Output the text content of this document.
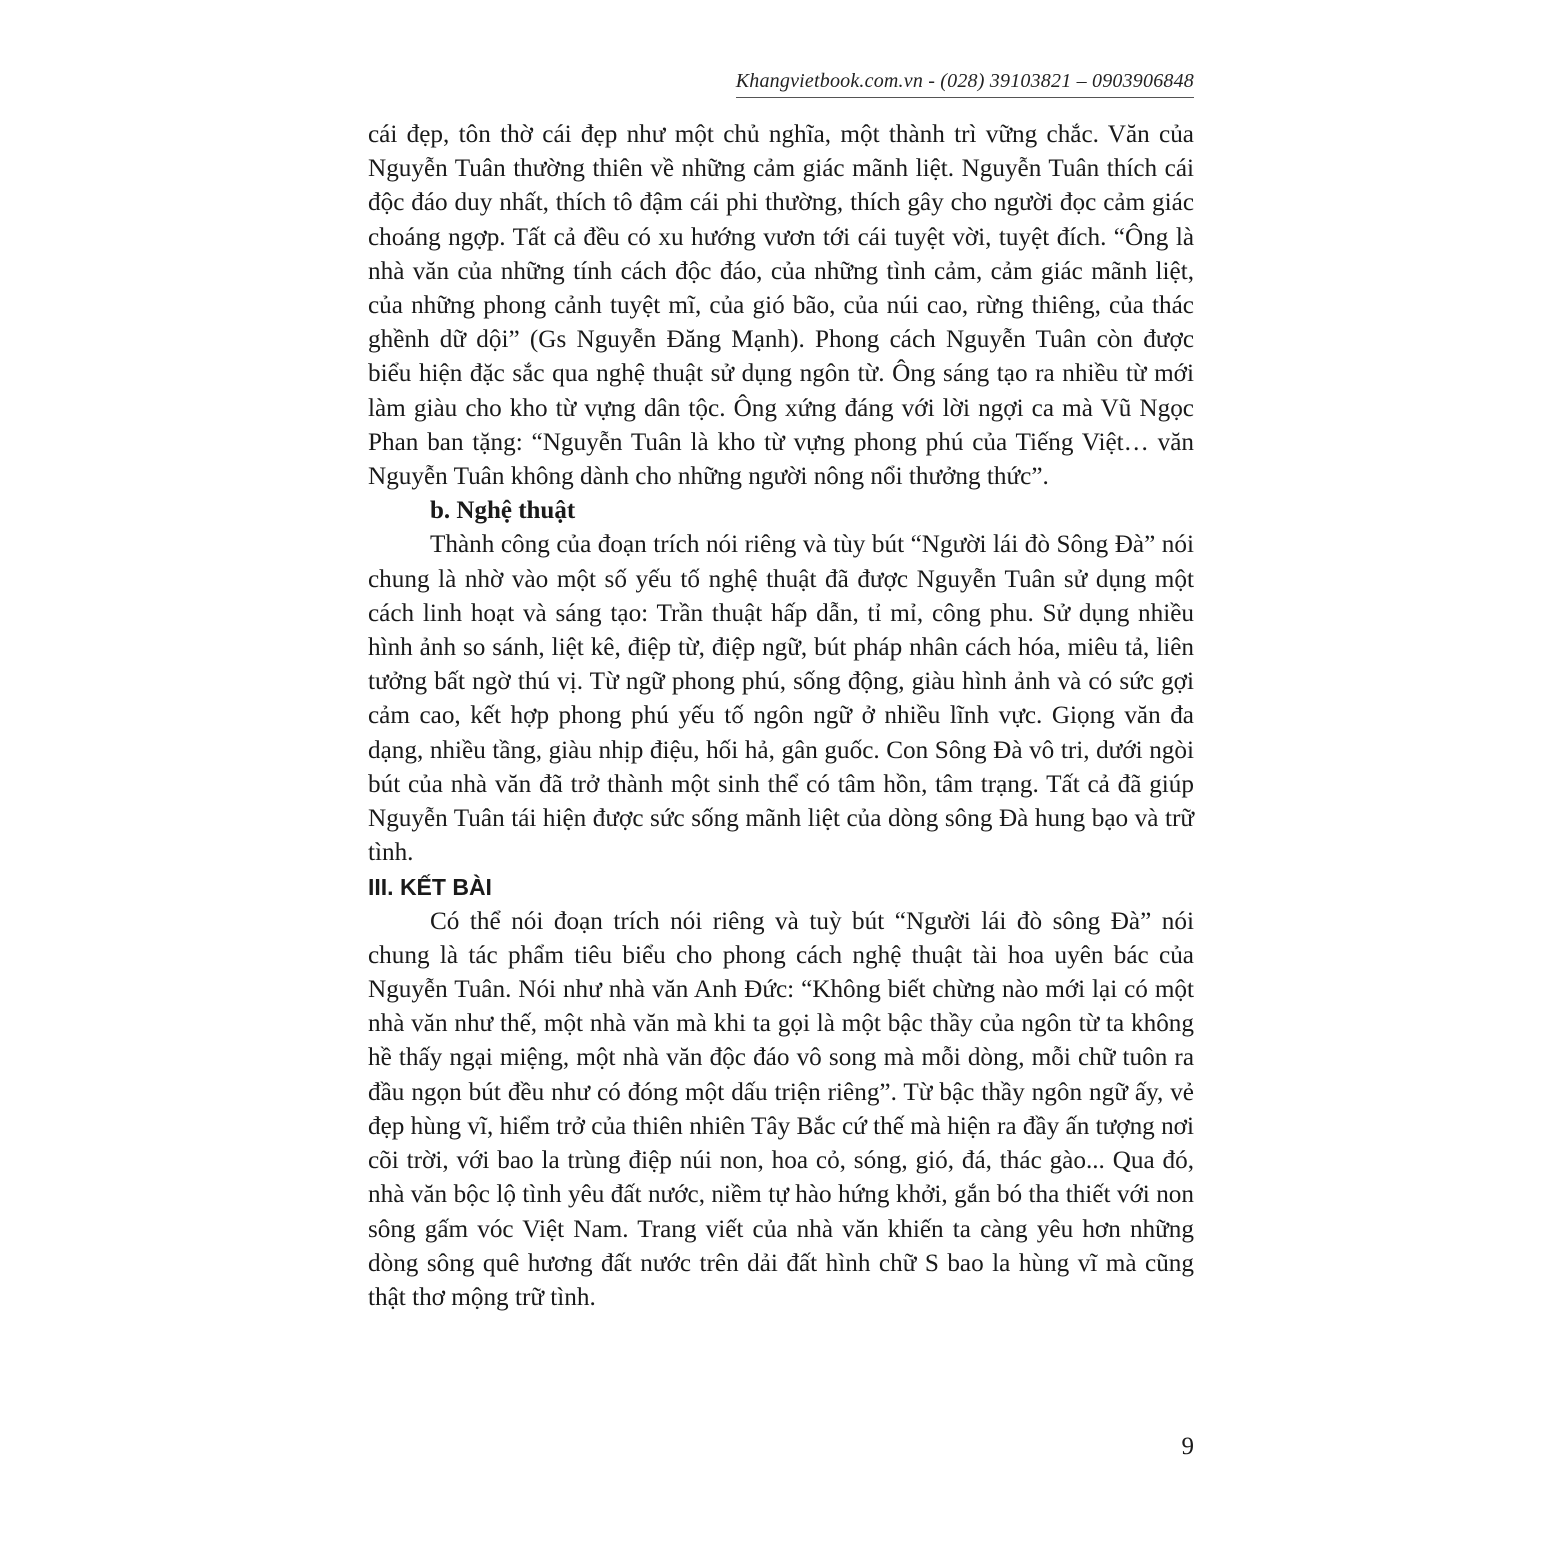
Khangvietbook.com.vn - (028) 39103821 – 0903906848

cái đẹp, tôn thờ cái đẹp như một chủ nghĩa, một thành trì vững chắc. Văn của Nguyễn Tuân thường thiên về những cảm giác mãnh liệt. Nguyễn Tuân thích cái độc đáo duy nhất, thích tô đậm cái phi thường, thích gây cho người đọc cảm giác choáng ngợp. Tất cả đều có xu hướng vươn tới cái tuyệt vời, tuyệt đích. “Ông là nhà văn của những tính cách độc đáo, của những tình cảm, cảm giác mãnh liệt, của những phong cảnh tuyệt mĩ, của gió bão, của núi cao, rừng thiêng, của thác ghềnh dữ dội” (Gs Nguyễn Đăng Mạnh). Phong cách Nguyễn Tuân còn được biểu hiện đặc sắc qua nghệ thuật sử dụng ngôn từ. Ông sáng tạo ra nhiều từ mới làm giàu cho kho từ vựng dân tộc. Ông xứng đáng với lời ngợi ca mà Vũ Ngọc Phan ban tặng: “Nguyễn Tuân là kho từ vựng phong phú của Tiếng Việt… văn Nguyễn Tuân không dành cho những người nông nổi thưởng thức”.

b. Nghệ thuật

Thành công của đoạn trích nói riêng và tùy bút “Người lái đò Sông Đà” nói chung là nhờ vào một số yếu tố nghệ thuật đã được Nguyễn Tuân sử dụng một cách linh hoạt và sáng tạo: Trần thuật hấp dẫn, tỉ mỉ, công phu. Sử dụng nhiều hình ảnh so sánh, liệt kê, điệp từ, điệp ngữ, bút pháp nhân cách hóa, miêu tả, liên tưởng bất ngờ thú vị. Từ ngữ phong phú, sống động, giàu hình ảnh và có sức gợi cảm cao, kết hợp phong phú yếu tố ngôn ngữ ở nhiều lĩnh vực. Giọng văn đa dạng, nhiều tầng, giàu nhịp điệu, hối hả, gân guốc. Con Sông Đà vô tri, dưới ngòi bút của nhà văn đã trở thành một sinh thể có tâm hồn, tâm trạng. Tất cả đã giúp Nguyễn Tuân tái hiện được sức sống mãnh liệt của dòng sông Đà hung bạo và trữ tình.

III. KẾT BÀI

Có thể nói đoạn trích nói riêng và tuỳ bút “Người lái đò sông Đà” nói chung là tác phẩm tiêu biểu cho phong cách nghệ thuật tài hoa uyên bác của Nguyễn Tuân. Nói như nhà văn Anh Đức: “Không biết chừng nào mới lại có một nhà văn như thế, một nhà văn mà khi ta gọi là một bậc thầy của ngôn từ ta không hề thấy ngại miệng, một nhà văn độc đáo vô song mà mỗi dòng, mỗi chữ tuôn ra đầu ngọn bút đều như có đóng một dấu triện riêng”. Từ bậc thầy ngôn ngữ ấy, vẻ đẹp hùng vĩ, hiểm trở của thiên nhiên Tây Bắc cứ thế mà hiện ra đầy ấn tượng nơi cõi trời, với bao la trùng điệp núi non, hoa cỏ, sóng, gió, đá, thác gào... Qua đó, nhà văn bộc lộ tình yêu đất nước, niềm tự hào hứng khởi, gắn bó tha thiết với non sông gấm vóc Việt Nam. Trang viết của nhà văn khiến ta càng yêu hơn những dòng sông quê hương đất nước trên dải đất hình chữ S bao la hùng vĩ mà cũng thật thơ mộng trữ tình.

9
